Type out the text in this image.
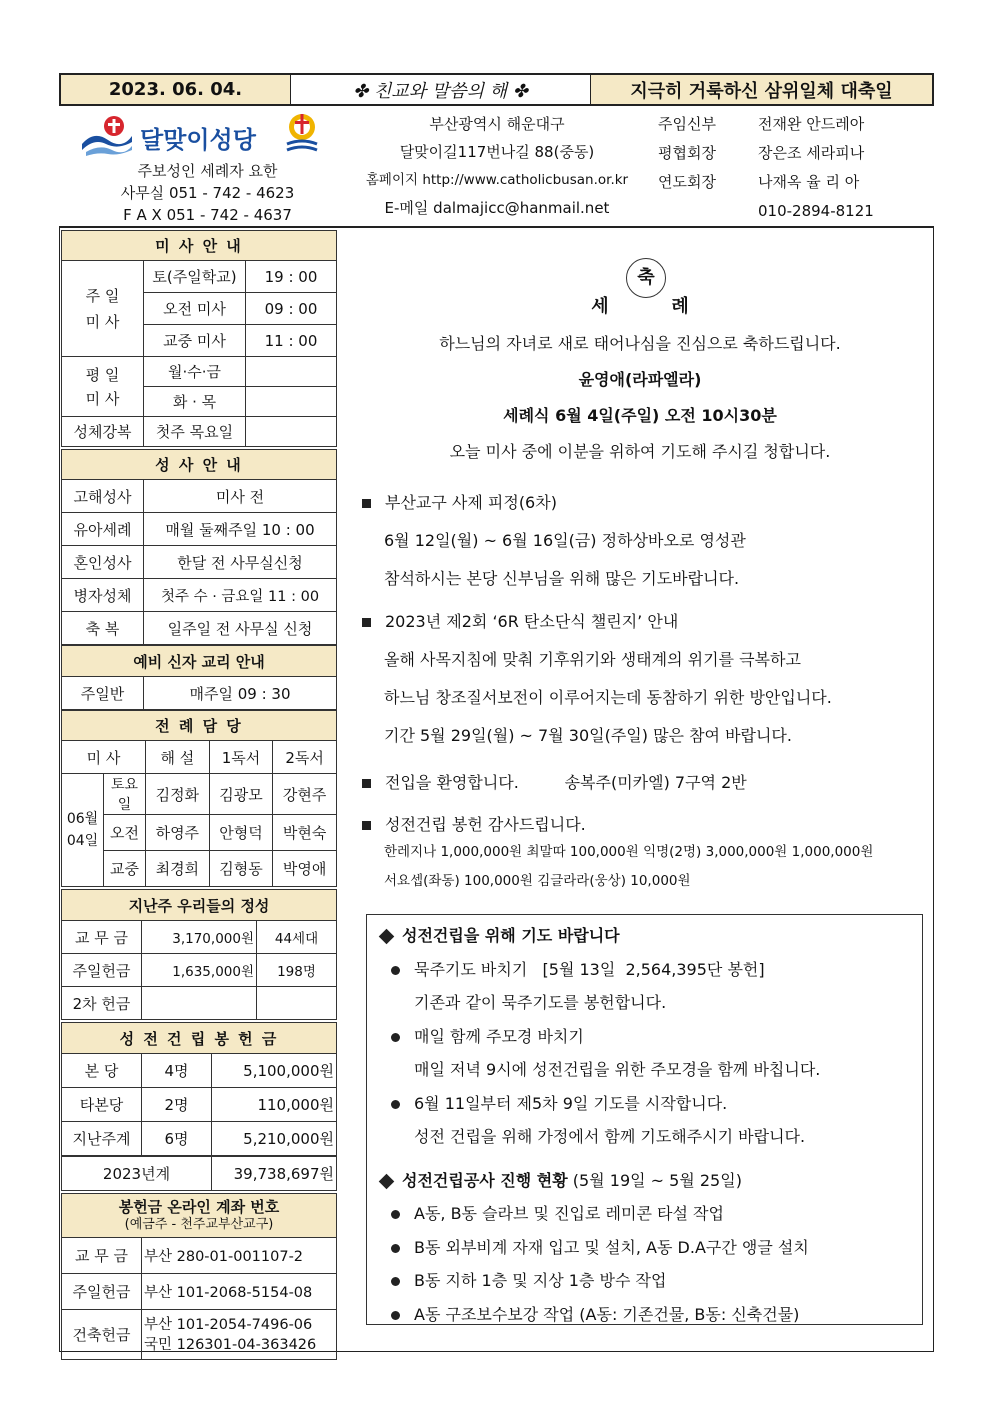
2023. 06. 04.	✤ 친교와 말씀의 해 ✤	지극히 거룩하신 삼위일체 대축일
달맞이성당
주보성인 세례자 요한
사무실 051 - 742 - 4623
F A X 051 - 742 - 4637
부산광역시 해운대구
달맞이길117번나길 88(중동)
홈페이지 http://www.catholicbusan.or.kr
E-메일 dalmajicc@hanmail.net
주임신부	전재완 안드레아
평협회장	장은조 세라피나
연도회장	나재옥 율 리 아
010-2894-8121
미 사 안 내		
주 일
미 사	토(주일학교)	19 : 00
	오전 미사	09 : 00
	교중 미사	11 : 00
평 일
미 사	월·수·금	
	화 · 목	
성체강복	첫주 목요일	
성 사 안 내	
고해성사	미사 전
유아세례	매월 둘째주일 10 : 00
혼인성사	한달 전 사무실신청
병자성체	첫주 수 · 금요일 11 : 00
축 복	일주일 전 사무실 신청
예비 신자 교리 안내
주일반	매주일 09 : 30
전 례 담 당				
미 사		해 설	1독서	2독서
06월
04일	토요일	김정화	김광모	강현주
	오전	하영주	안형덕	박현숙
	교중	최경희	김형동	박영애
지난주 우리들의 정성		
교 무 금	3,170,000원	44세대
주일헌금	1,635,000원	198명
2차 헌금		
성 전 건 립 봉 헌 금		
본 당	4명	5,100,000원
타본당	2명	110,000원
지난주계	6명	5,210,000원
2023년계	39,738,697원
봉헌금 온라인 계좌 번호
(예금주 - 천주교부산교구)	

교 무 금	부산 280-01-001107-2
주일헌금	부산 101-2068-5154-08
건축헌금	부산 101-2054-7496-06
국민 126301-04-363426
축
세          례
하느님의 자녀로 새로 태어나심을 진심으로 축하드립니다.
윤영애(라파엘라)
세례식 6월 4일(주일) 오전 10시30분
오늘 미사 중에 이분을 위하여 기도해 주시길 청합니다.
부산교구 사제 피정(6차)
6월 12일(월) ~ 6월 16일(금) 정하상바오로 영성관
참석하시는 본당 신부님을 위해 많은 기도바랍니다.
2023년 제2회 ‘6R 탄소단식 챌린지’ 안내
올해 사목지침에 맞춰 기후위기와 생태계의 위기를 극복하고
하느님 창조질서보전이 이루어지는데 동참하기 위한 방안입니다.
기간 5월 29일(월) ~ 7월 30일(주일) 많은 참여 바랍니다.
전입을 환영합니다.         송복주(미카엘) 7구역 2반
성전건립 봉헌 감사드립니다.
한레지나 1,000,000원 최말따 100,000원 익명(2명) 3,000,000원 1,000,000원
서요셉(좌동) 100,000원 김글라라(웅상) 10,000원
성전건립을 위해 기도 바랍니다
묵주기도 바치기   [5월 13일  2,564,395단 봉헌]
기존과 같이 묵주기도를 봉헌합니다.
매일 함께 주모경 바치기
매일 저녁 9시에 성전건립을 위한 주모경을 함께 바칩니다.
6월 11일부터 제5차 9일 기도를 시작합니다.
성전 건립을 위해 가정에서 함께 기도해주시기 바랍니다.
성전건립공사 진행 현황 (5월 19일 ~ 5월 25일)
A동, B동 슬라브 및 진입로 레미콘 타설 작업
B동 외부비계 자재 입고 및 설치, A동 D.A구간 앵글 설치
B동 지하 1층 및 지상 1층 방수 작업
A동 구조보수보강 작업 (A동: 기존건물, B동: 신축건물)
